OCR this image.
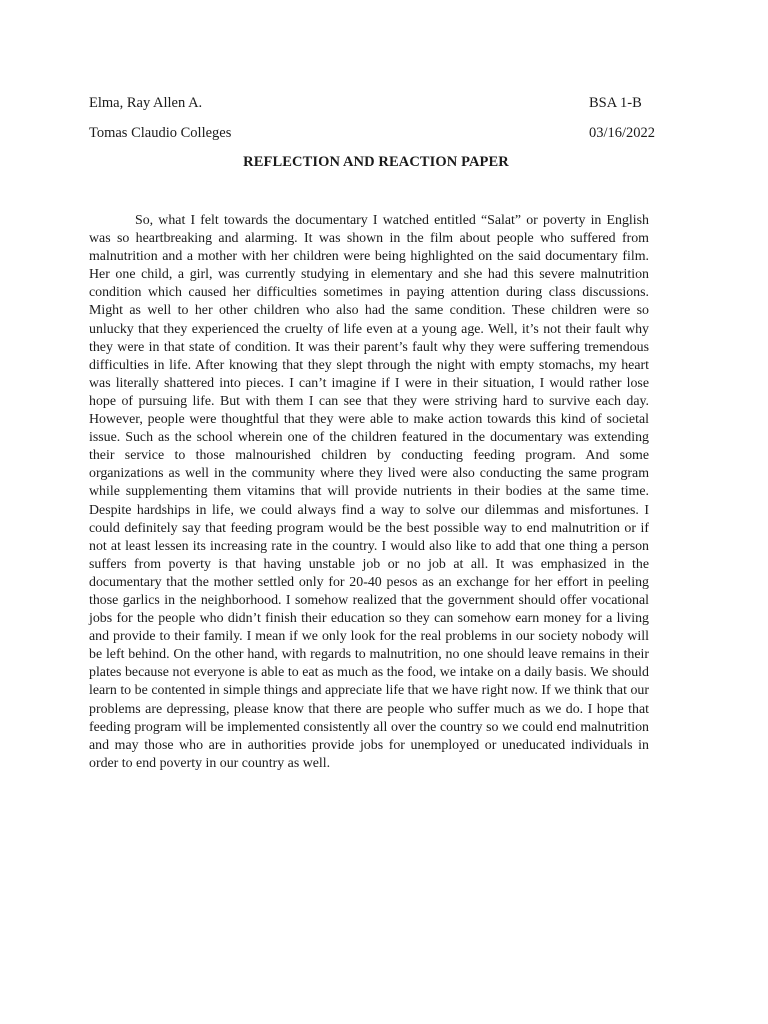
Elma, Ray Allen A.	BSA 1-B
Tomas Claudio Colleges	03/16/2022
REFLECTION AND REACTION PAPER

So, what I felt towards the documentary I watched entitled “Salat” or poverty in English was so heartbreaking and alarming. It was shown in the film about people who suffered from malnutrition and a mother with her children were being highlighted on the said documentary film. Her one child, a girl, was currently studying in elementary and she had this severe malnutrition condition which caused her difficulties sometimes in paying attention during class discussions. Might as well to her other children who also had the same condition. These children were so unlucky that they experienced the cruelty of life even at a young age. Well, it’s not their fault why they were in that state of condition. It was their parent’s fault why they were suffering tremendous difficulties in life. After knowing that they slept through the night with empty stomachs, my heart was literally shattered into pieces. I can’t imagine if I were in their situation, I would rather lose hope of pursuing life. But with them I can see that they were striving hard to survive each day. However, people were thoughtful that they were able to make action towards this kind of societal issue. Such as the school wherein one of the children featured in the documentary was extending their service to those malnourished children by conducting feeding program. And some organizations as well in the community where they lived were also conducting the same program while supplementing them vitamins that will provide nutrients in their bodies at the same time. Despite hardships in life, we could always find a way to solve our dilemmas and misfortunes. I could definitely say that feeding program would be the best possible way to end malnutrition or if not at least lessen its increasing rate in the country. I would also like to add that one thing a person suffers from poverty is that having unstable job or no job at all. It was emphasized in the documentary that the mother settled only for 20-40 pesos as an exchange for her effort in peeling those garlics in the neighborhood. I somehow realized that the government should offer vocational jobs for the people who didn’t finish their education so they can somehow earn money for a living and provide to their family. I mean if we only look for the real problems in our society nobody will be left behind. On the other hand, with regards to malnutrition, no one should leave remains in their plates because not everyone is able to eat as much as the food, we intake on a daily basis. We should learn to be contented in simple things and appreciate life that we have right now. If we think that our problems are depressing, please know that there are people who suffer much as we do. I hope that feeding program will be implemented consistently all over the country so we could end malnutrition and may those who are in authorities provide jobs for unemployed or uneducated individuals in order to end poverty in our country as well.
